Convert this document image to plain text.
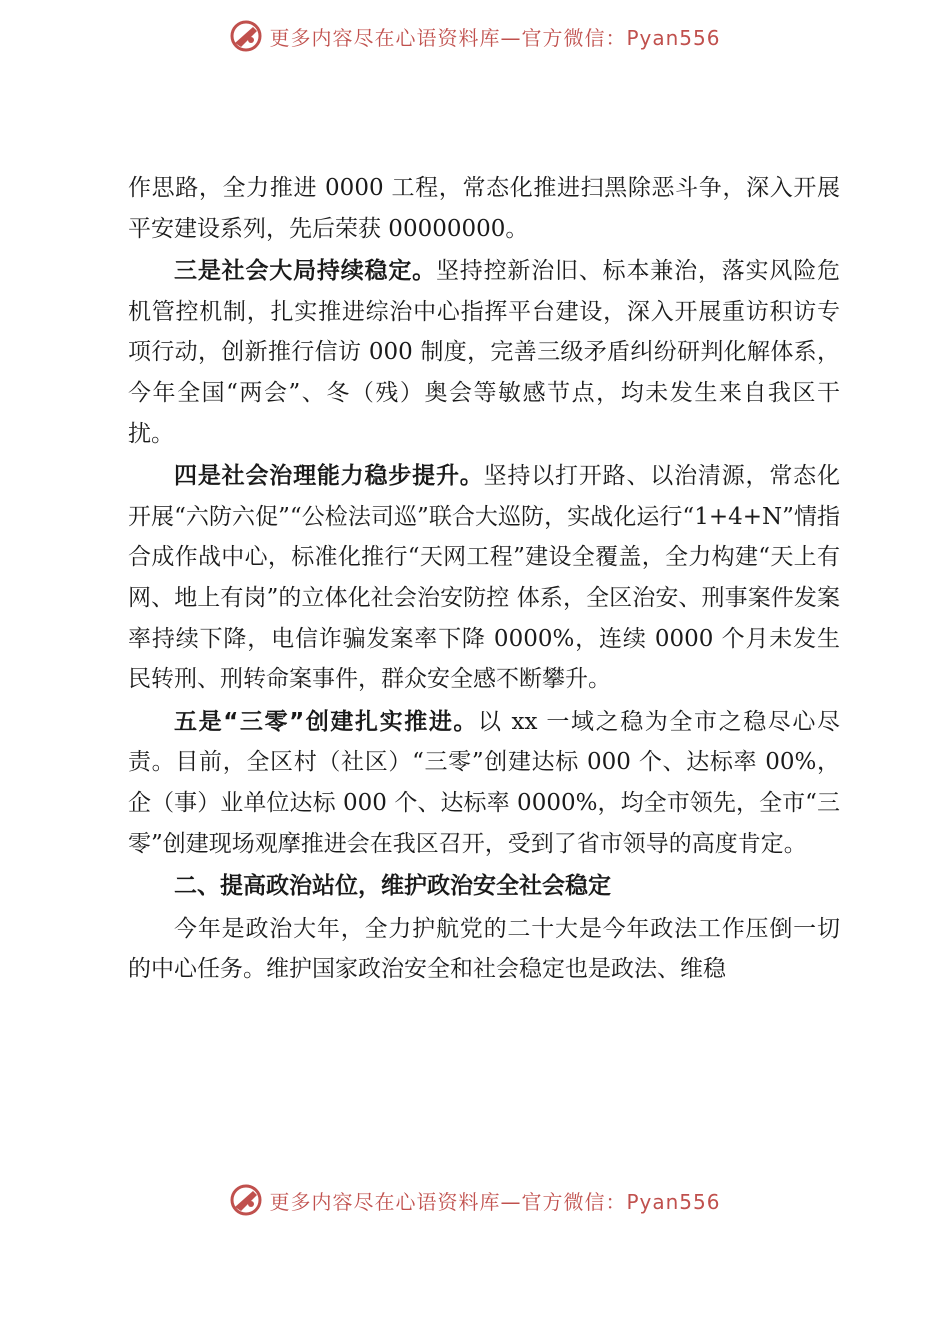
更多内容尽在心语资料库—官方微信：Pyan556

作思路，全力推进 0000 工程，常态化推进扫黑除恶斗争，深入开展平安建设系列，先后荣获 00000000。

三是社会大局持续稳定。坚持控新治旧、标本兼治，落实风险危机管控机制，扎实推进综治中心指挥平台建设，深入开展重访积访专项行动，创新推行信访 000 制度，完善三级矛盾纠纷研判化解体系，今年全国“两会”、冬（残）奥会等敏感节点，均未发生来自我区干扰。

四是社会治理能力稳步提升。坚持以打开路、以治清源，常态化开展“六防六促”“公检法司巡”联合大巡防，实战化运行“1+4+N”情指合成作战中心，标准化推行“天网工程”建设全覆盖，全力构建“天上有网、地上有岗”的立体化社会治安防控 体系，全区治安、刑事案件发案率持续下降，电信诈骗发案率下降 0000%，连续 0000 个月未发生民转刑、刑转命案事件，群众安全感不断攀升。

五是“三零”创建扎实推进。以 xx 一域之稳为全市之稳尽心尽责。目前，全区村（社区）“三零”创建达标 000 个、达标率 00%，企（事）业单位达标 000 个、达标率 0000%，均全市领先，全市“三零”创建现场观摩推进会在我区召开，受到了省市领导的高度肯定。

二、提高政治站位，维护政治安全社会稳定

今年是政治大年，全力护航党的二十大是今年政法工作压倒一切的中心任务。维护国家政治安全和社会稳定也是政法、维稳

更多内容尽在心语资料库—官方微信：Pyan556
